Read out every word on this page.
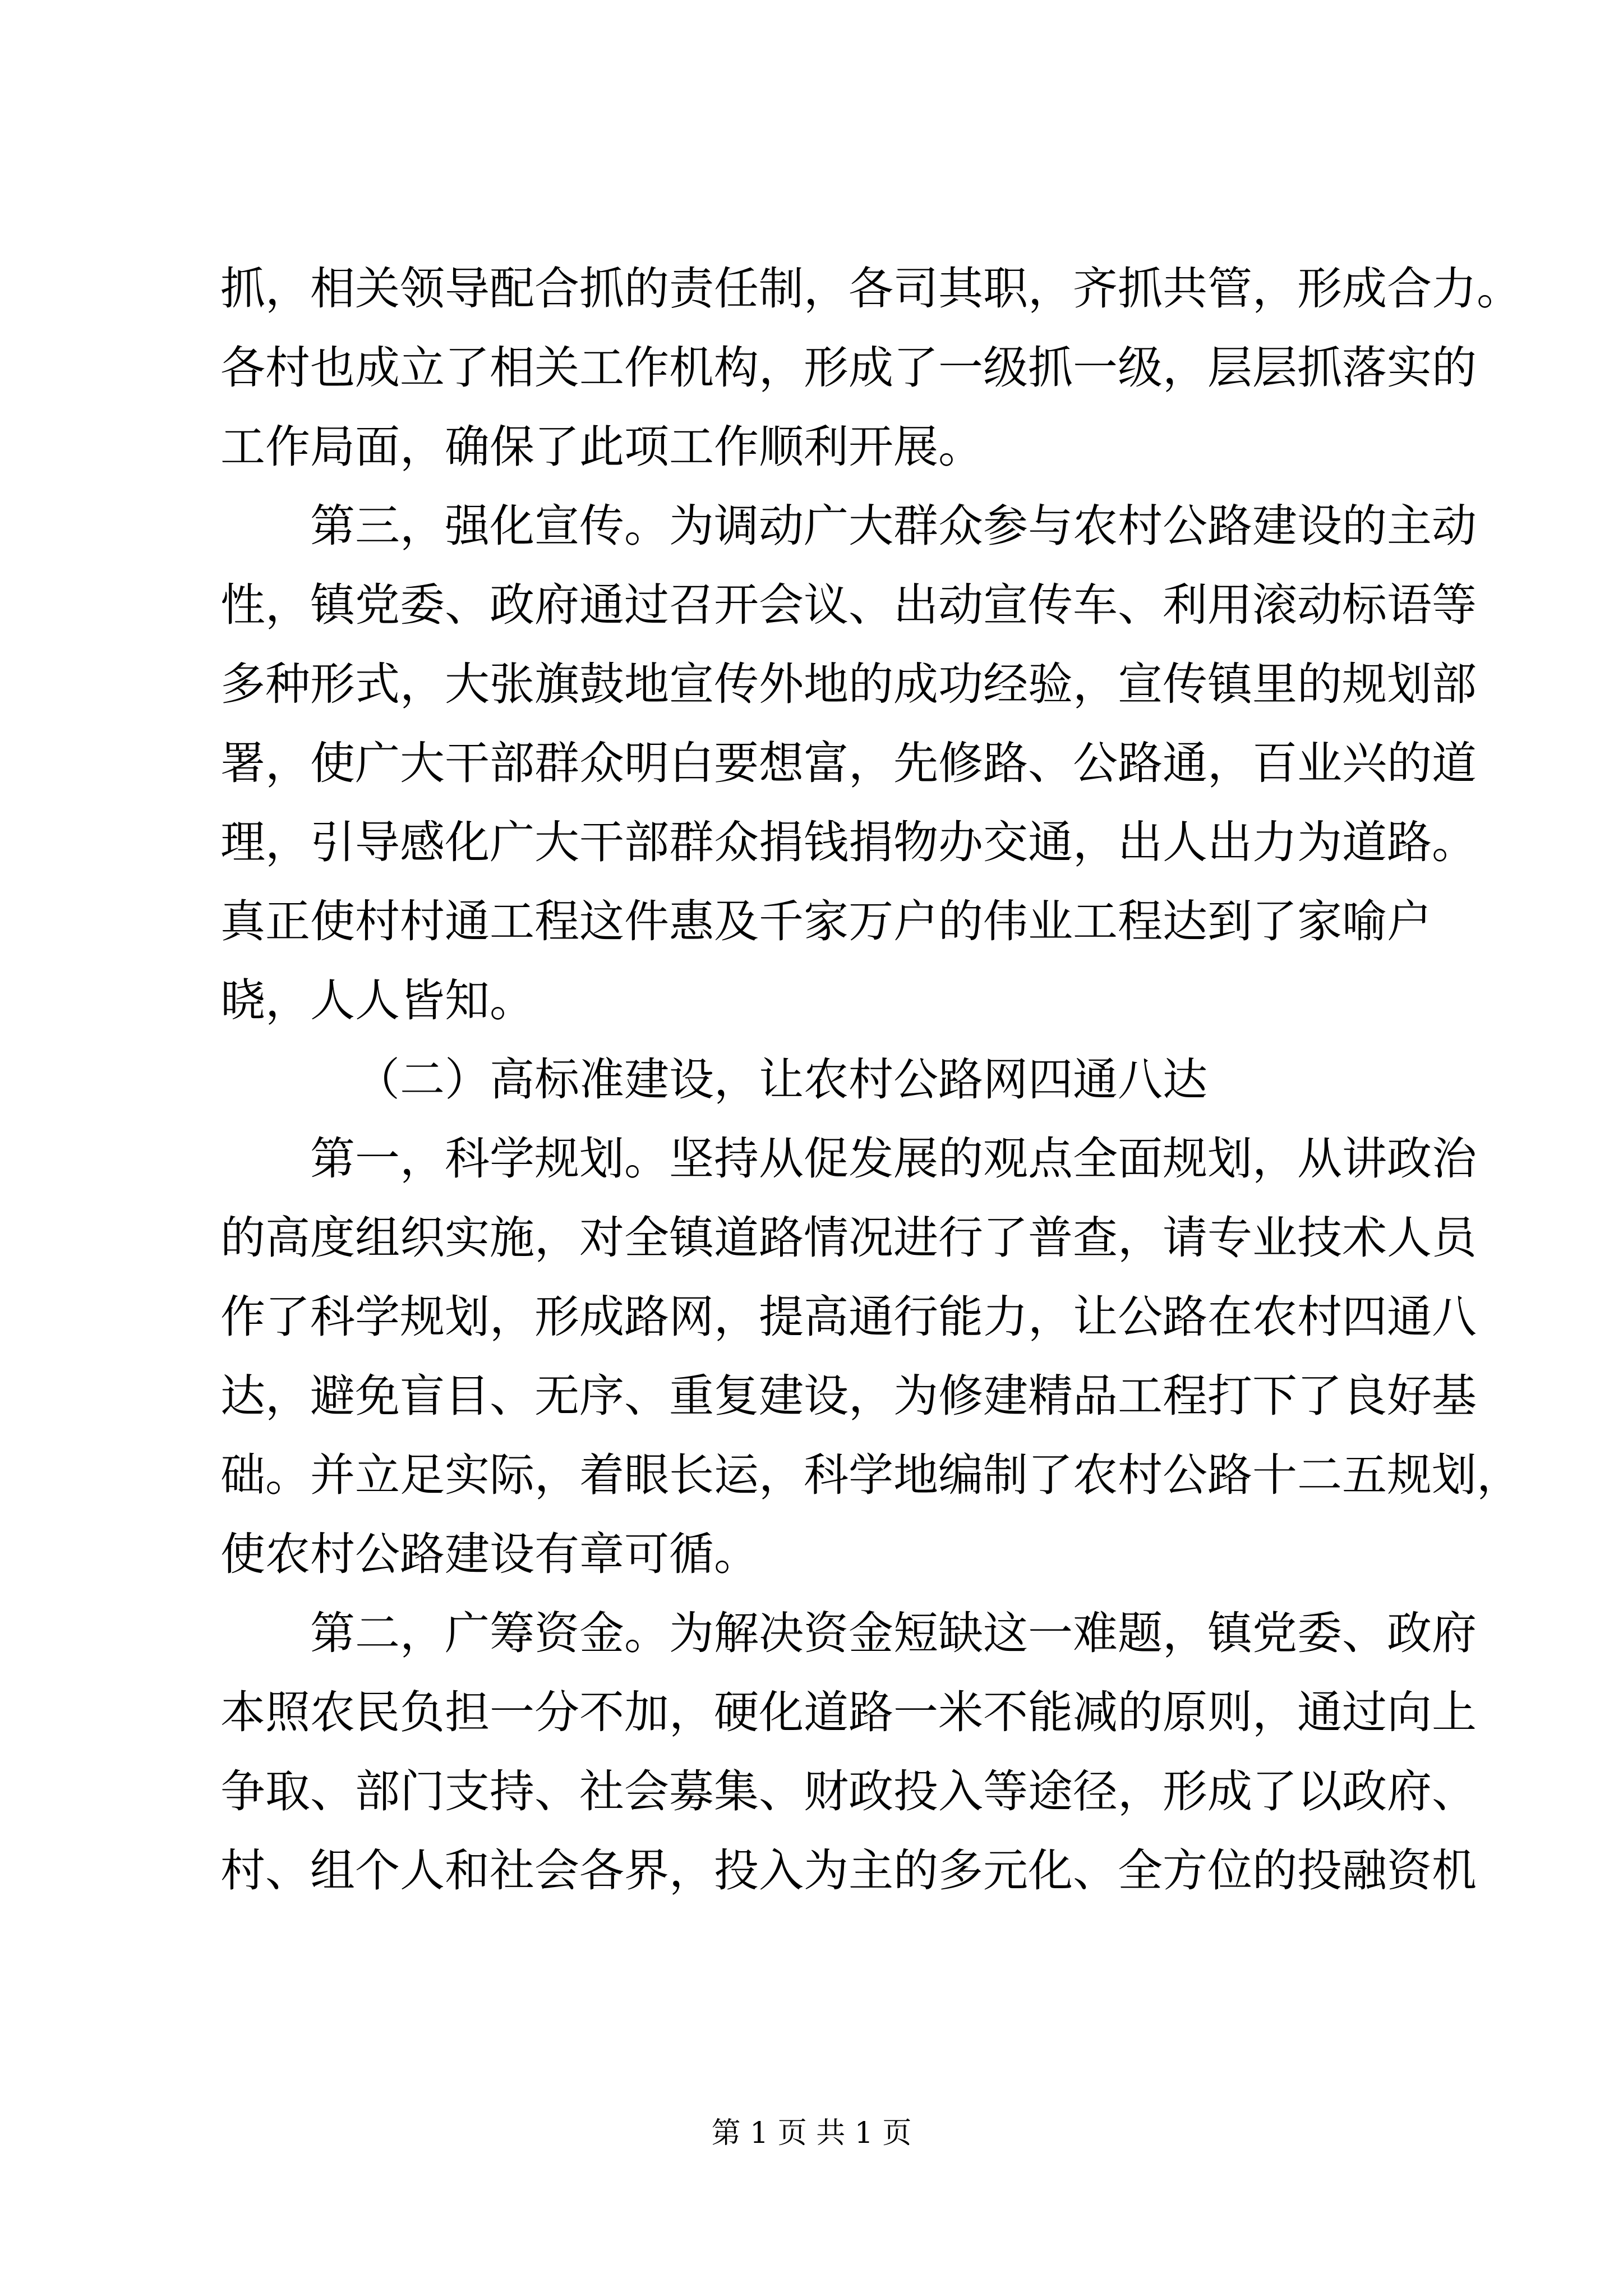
抓，相关领导配合抓的责任制，各司其职，齐抓共管，形成合力。
各村也成立了相关工作机构，形成了一级抓一级，层层抓落实的
工作局面，确保了此项工作顺利开展。
第三，强化宣传。为调动广大群众参与农村公路建设的主动
性，镇党委、政府通过召开会议、出动宣传车、利用滚动标语等
多种形式，大张旗鼓地宣传外地的成功经验，宣传镇里的规划部
署，使广大干部群众明白要想富，先修路、公路通，百业兴的道
理，引导感化广大干部群众捐钱捐物办交通，出人出力为道路。
真正使村村通工程这件惠及千家万户的伟业工程达到了家喻户
晓，人人皆知。
（二）高标准建设，让农村公路网四通八达
第一，科学规划。坚持从促发展的观点全面规划，从讲政治
的高度组织实施，对全镇道路情况进行了普查，请专业技术人员
作了科学规划，形成路网，提高通行能力，让公路在农村四通八
达，避免盲目、无序、重复建设，为修建精品工程打下了良好基
础。并立足实际，着眼长运，科学地编制了农村公路十二五规划，
使农村公路建设有章可循。
第二，广筹资金。为解决资金短缺这一难题，镇党委、政府
本照农民负担一分不加，硬化道路一米不能减的原则，通过向上
争取、部门支持、社会募集、财政投入等途径，形成了以政府、
村、组个人和社会各界，投入为主的多元化、全方位的投融资机
第 1 页 共 1 页
